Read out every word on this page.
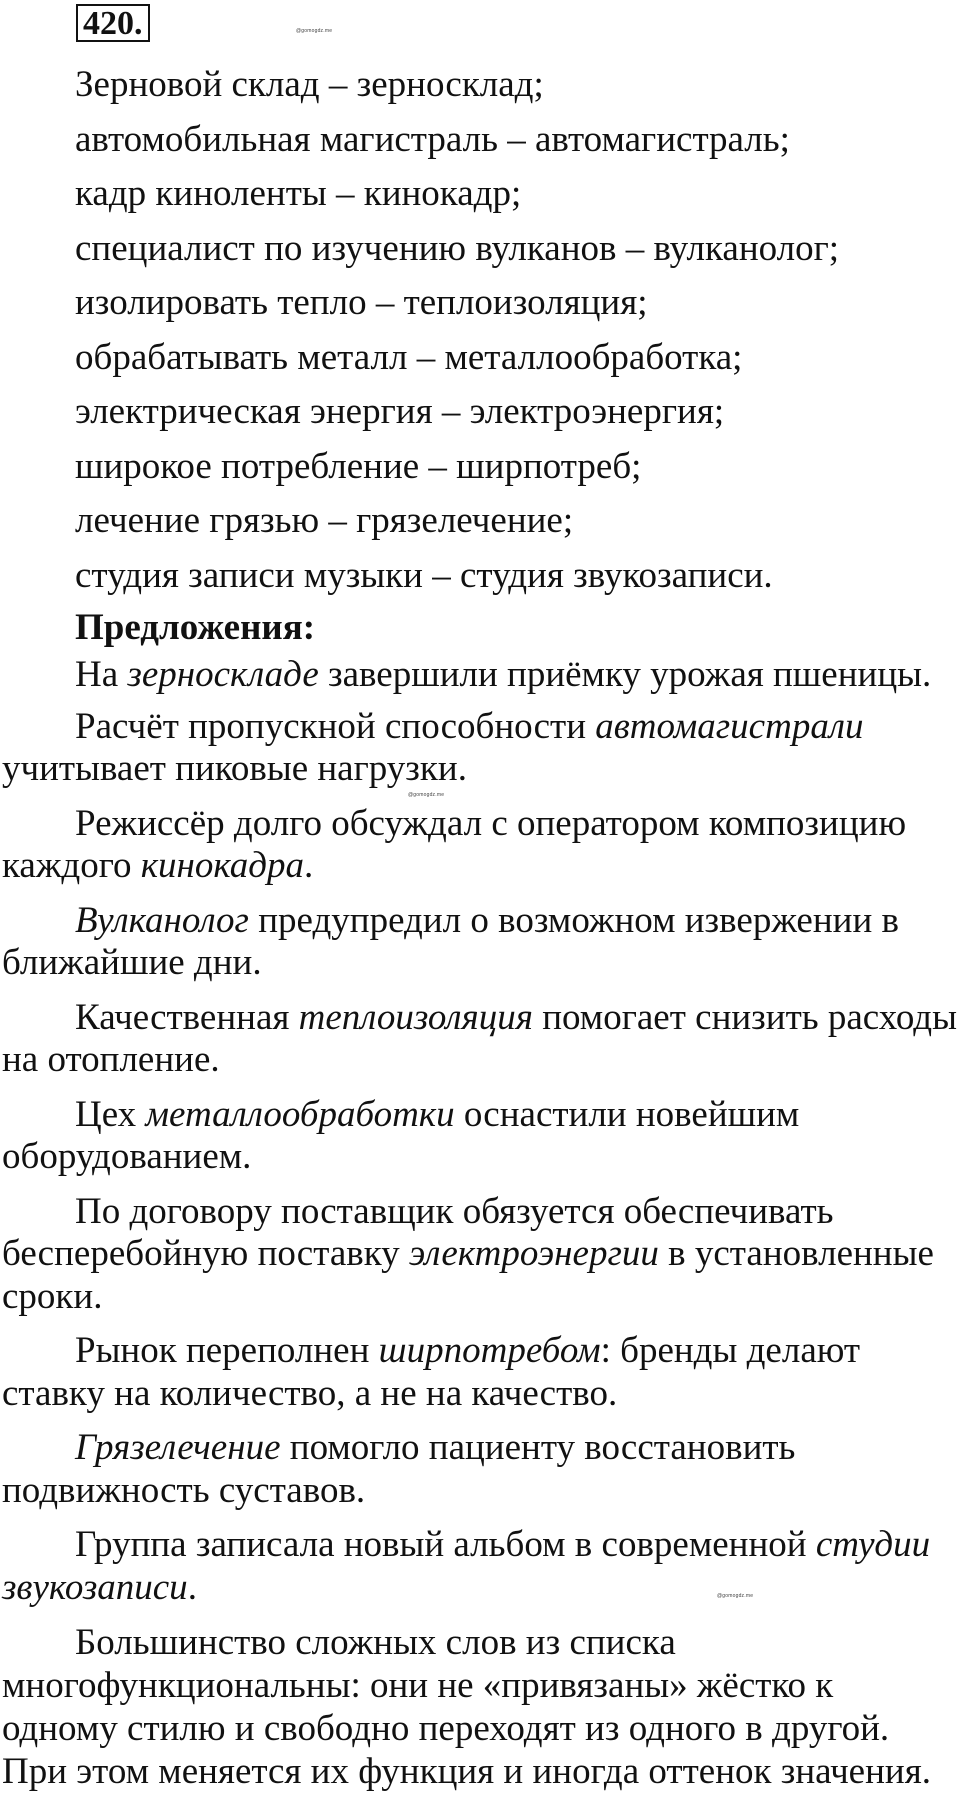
420.	@gomogdz.me
@gomogdz.me
@gomogdz.me
Зерновой склад – зерносклад;
автомобильная магистраль – автомагистраль;
кадр киноленты – кинокадр;
специалист по изучению вулканов – вулканолог;
изолировать тепло – теплоизоляция;
обрабатывать металл – металлообработка;
электрическая энергия – электроэнергия;
широкое потребление – ширпотреб;
лечение грязью – грязелечение;
студия записи музыки – студия звукозаписи.
Предложения:

На зерноскладе завершили приёмку урожая пшеницы.

Расчёт пропускной способности автомагистрали учитывает пиковые нагрузки.

Режиссёр долго обсуждал с оператором композицию каждого кинокадра.

Вулканолог предупредил о возможном извержении в ближайшие дни.

Качественная теплоизоляция помогает снизить расходы на отопление.

Цех металлообработки оснастили новейшим оборудованием.

По договору поставщик обязуется обеспечивать бесперебойную поставку электроэнергии в установленные сроки.

Рынок переполнен ширпотребом: бренды делают ставку на количество, а не на качество.

Грязелечение помогло пациенту восстановить подвижность суставов.

Группа записала новый альбом в современной студии звукозаписи.

Большинство сложных слов из списка многофункциональны: они не «привязаны» жёстко к одному стилю и свободно переходят из одного в другой. При этом меняется их функция и иногда оттенок значения.
